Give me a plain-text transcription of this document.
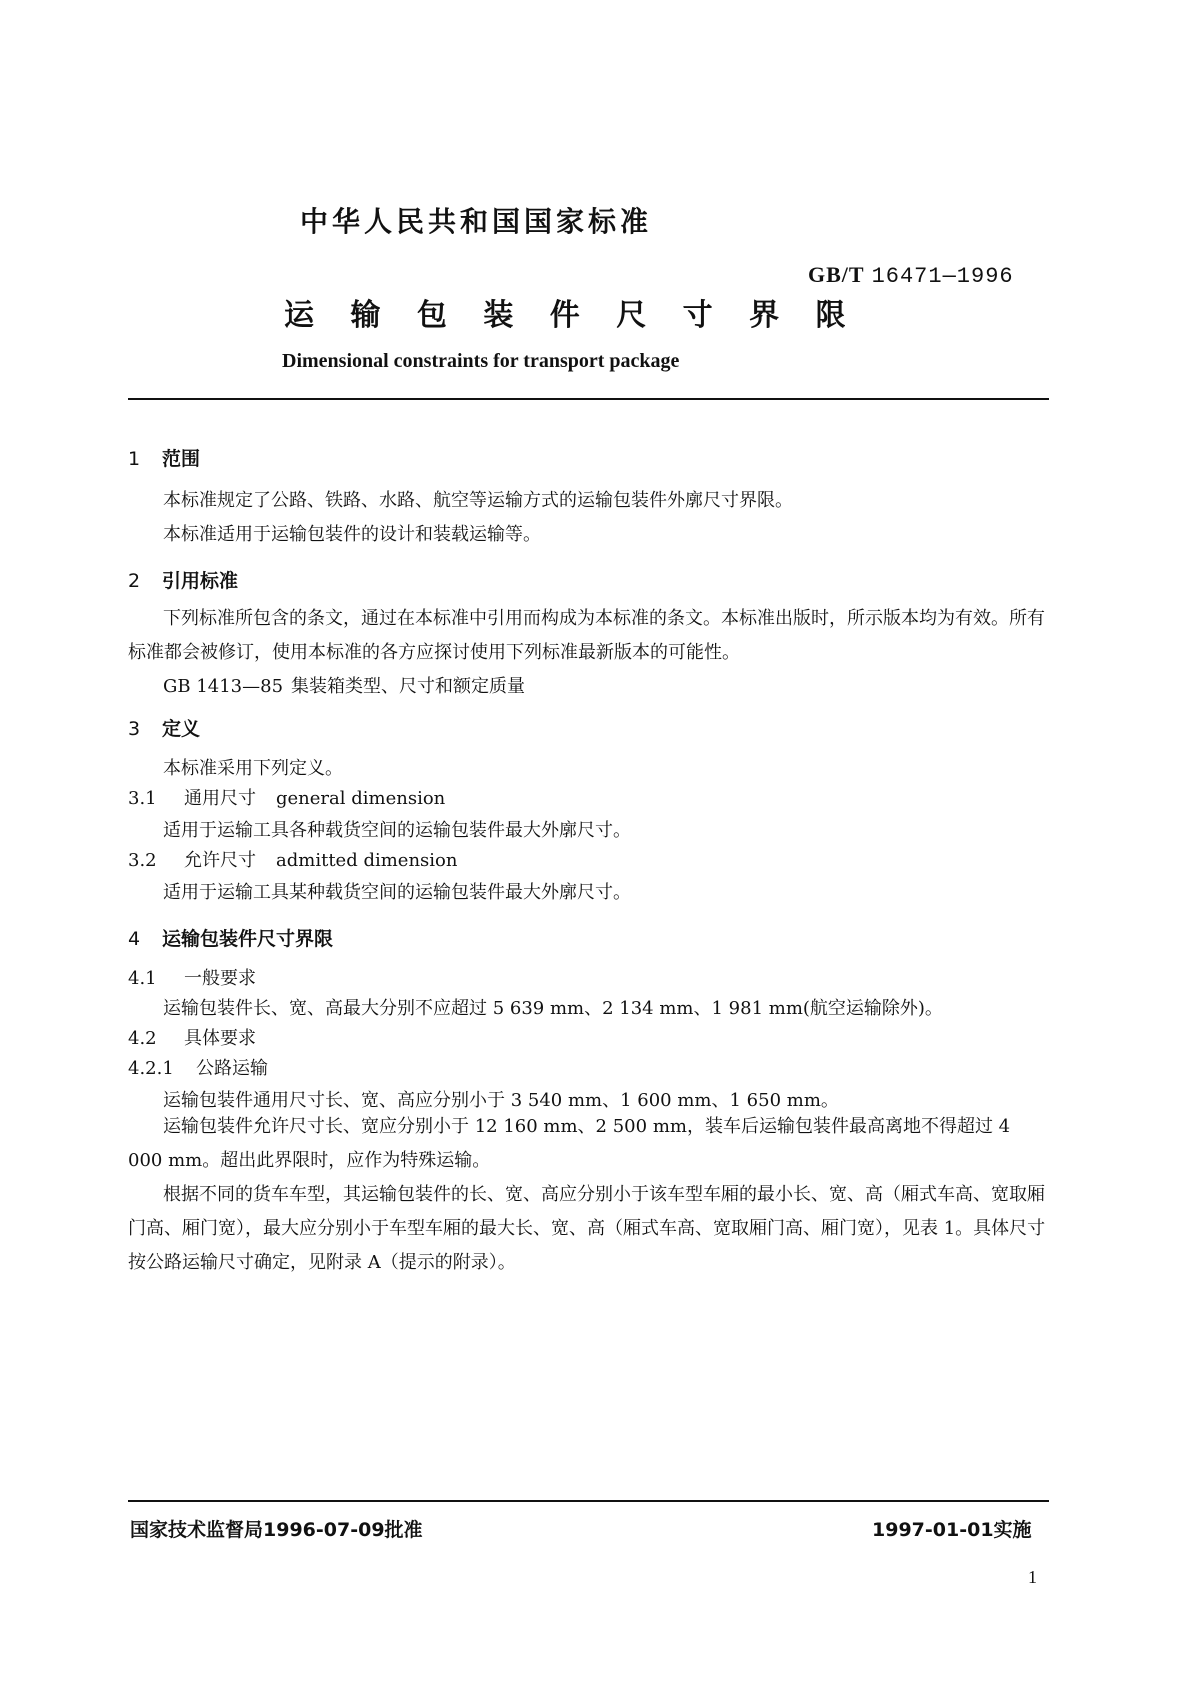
中华人民共和国国家标准
GB/T 16471—1996
运 输 包 装 件 尺 寸 界 限
Dimensional constraints for transport package
1 范围
本标准规定了公路、铁路、水路、航空等运输方式的运输包装件外廓尺寸界限。
本标准适用于运输包装件的设计和装载运输等。
2 引用标准
下列标准所包含的条文，通过在本标准中引用而构成为本标准的条文。本标准出版时，所示版本均为有效。所有标准都会被修订，使用本标准的各方应探讨使用下列标准最新版本的可能性。
GB 1413—85 集装箱类型、尺寸和额定质量
3 定义
本标准采用下列定义。
3.1 通用尺寸 general dimension
适用于运输工具各种载货空间的运输包装件最大外廓尺寸。
3.2 允许尺寸 admitted dimension
适用于运输工具某种载货空间的运输包装件最大外廓尺寸。
4 运输包装件尺寸界限
4.1 一般要求
运输包装件长、宽、高最大分别不应超过 5 639 mm、2 134 mm、1 981 mm(航空运输除外)。
4.2 具体要求
4.2.1 公路运输
运输包装件通用尺寸长、宽、高应分别小于 3 540 mm、1 600 mm、1 650 mm。
运输包装件允许尺寸长、宽应分别小于 12 160 mm、2 500 mm，装车后运输包装件最高离地不得超过 4 000 mm。超出此界限时，应作为特殊运输。
根据不同的货车车型，其运输包装件的长、宽、高应分别小于该车型车厢的最小长、宽、高（厢式车高、宽取厢门高、厢门宽），最大应分别小于车型车厢的最大长、宽、高（厢式车高、宽取厢门高、厢门宽），见表 1。具体尺寸按公路运输尺寸确定，见附录 A（提示的附录）。
国家技术监督局1996-07-09批准	1997-01-01实施
1
